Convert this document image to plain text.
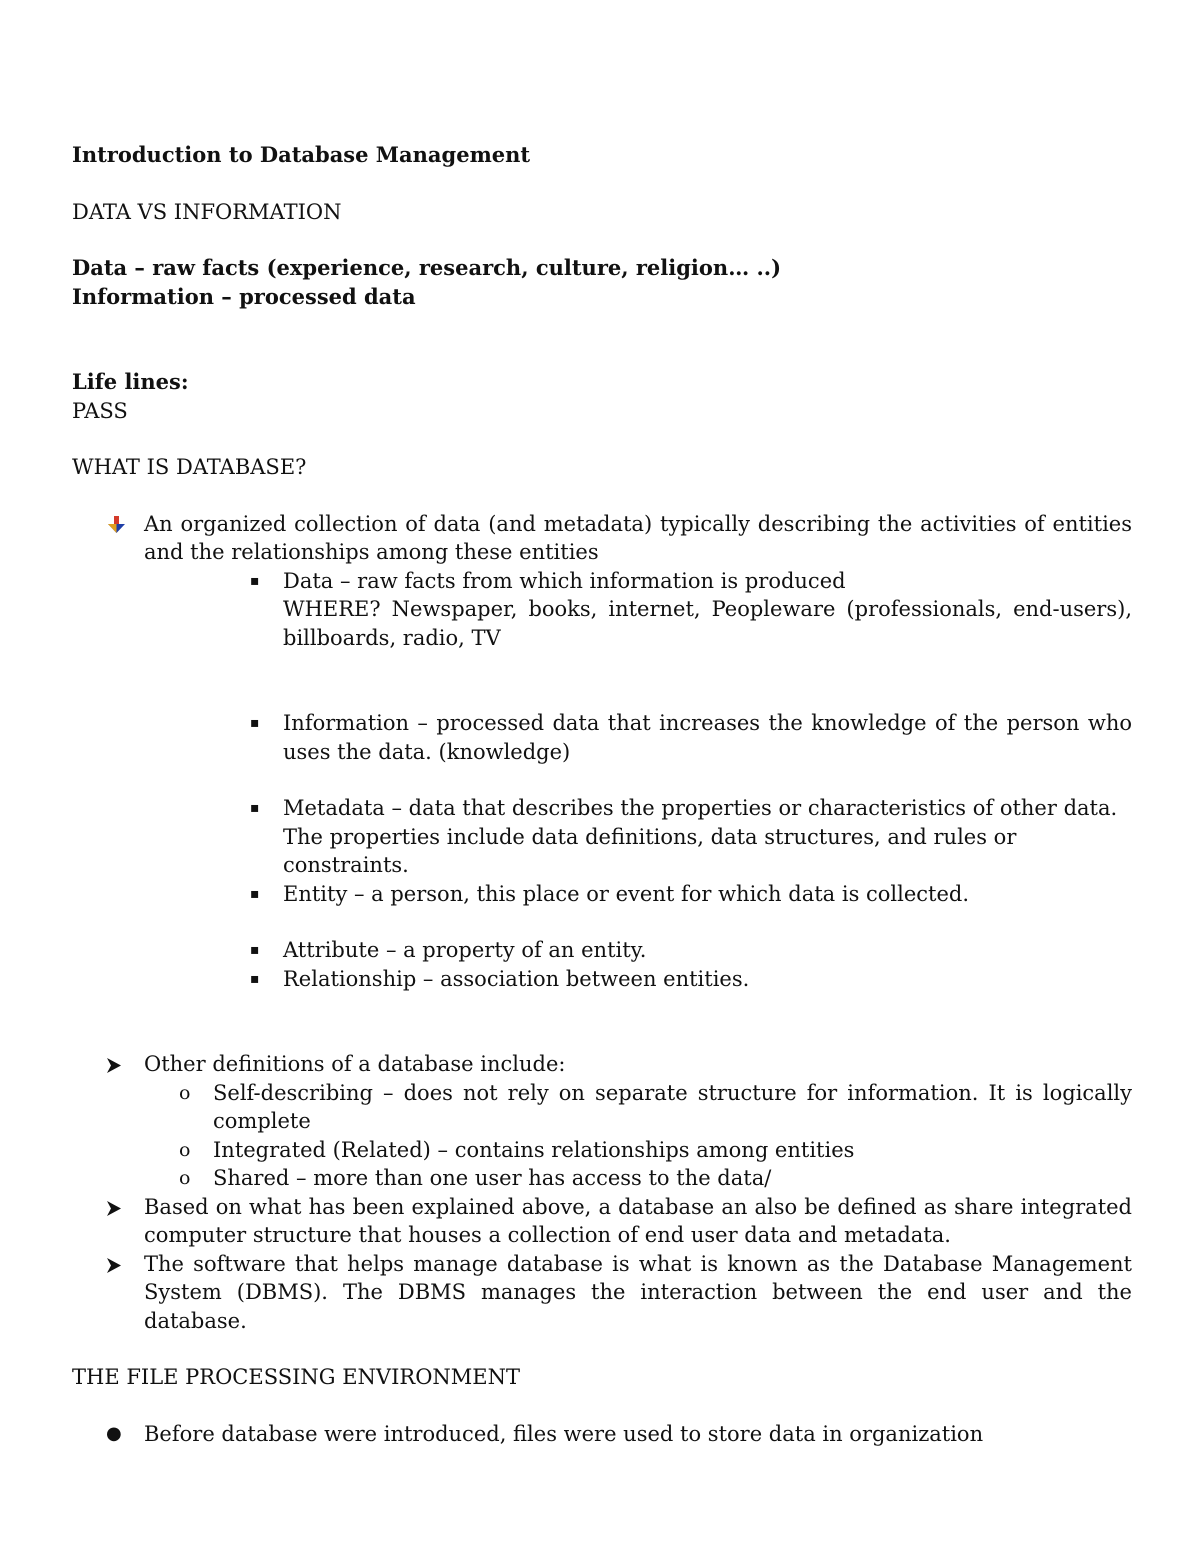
Introduction to Database Management

DATA VS INFORMATION

Data – raw facts (experience, research, culture, religion… ..)

Information – processed data

Life lines:

PASS

WHAT IS DATABASE?

An organized collection of data (and metadata) typically describing the activities of entities and the relationships among these entities

▪ Data – raw facts from which information is produced

WHERE? Newspaper, books, internet, Peopleware (professionals, end-users), billboards, radio, TV

▪ Information – processed data that increases the knowledge of the person who uses the data. (knowledge)

▪ Metadata – data that describes the properties or characteristics of other data. The properties include data definitions, data structures, and rules or constraints.

▪ Entity – a person, this place or event for which data is collected.

▪ Attribute – a property of an entity.

▪ Relationship – association between entities.

Other definitions of a database include:

o Self-describing – does not rely on separate structure for information. It is logically complete

o Integrated (Related) – contains relationships among entities

o Shared – more than one user has access to the data/

Based on what has been explained above, a database an also be defined as share integrated computer structure that houses a collection of end user data and metadata.

The software that helps manage database is what is known as the Database Management System (DBMS). The DBMS manages the interaction between the end user and the database.

THE FILE PROCESSING ENVIRONMENT

●	Before database were introduced, files were used to store data in organization
